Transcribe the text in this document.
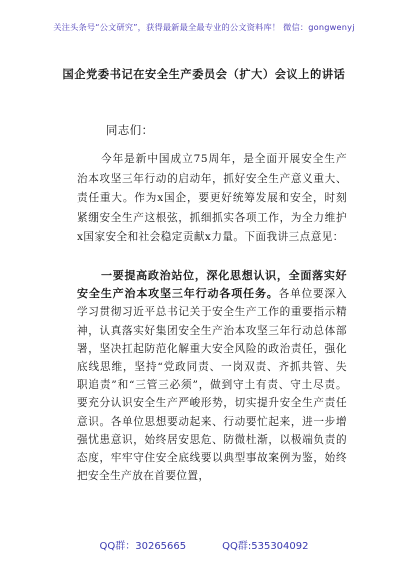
关注头条号“公文研究”，获得最新最全最专业的公文资料库！ 微信：gongwenyj
国企党委书记在安全生产委员会（扩大）会议上的讲话
同志们：

今年是新中国成立75周年，是全面开展安全生产治本攻坚三年行动的启动年，抓好安全生产意义重大、责任重大。作为x国企，要更好统筹发展和安全，时刻紧绷安全生产这根弦，抓细抓实各项工作，为全力维护x国家安全和社会稳定贡献x力量。下面我讲三点意见：

一要提高政治站位，深化思想认识，全面落实好安全生产治本攻坚三年行动各项任务。各单位要深入学习贯彻习近平总书记关于安全生产工作的重要指示精神，认真落实好集团安全生产治本攻坚三年行动总体部署，坚决扛起防范化解重大安全风险的政治责任，强化底线思维，坚持“党政同责、一岗双责、齐抓共管、失职追责”和“三管三必须”，做到守土有责、守土尽责。要充分认识安全生产严峻形势，切实提升安全生产责任意识。各单位思想要动起来、行动要忙起来，进一步增强忧患意识，始终居安思危、防微杜渐，以极端负责的态度，牢牢守住安全底线要以典型事故案例为鉴，始终把安全生产放在首要位置，

QQ群：30265665	QQ群:535304092
